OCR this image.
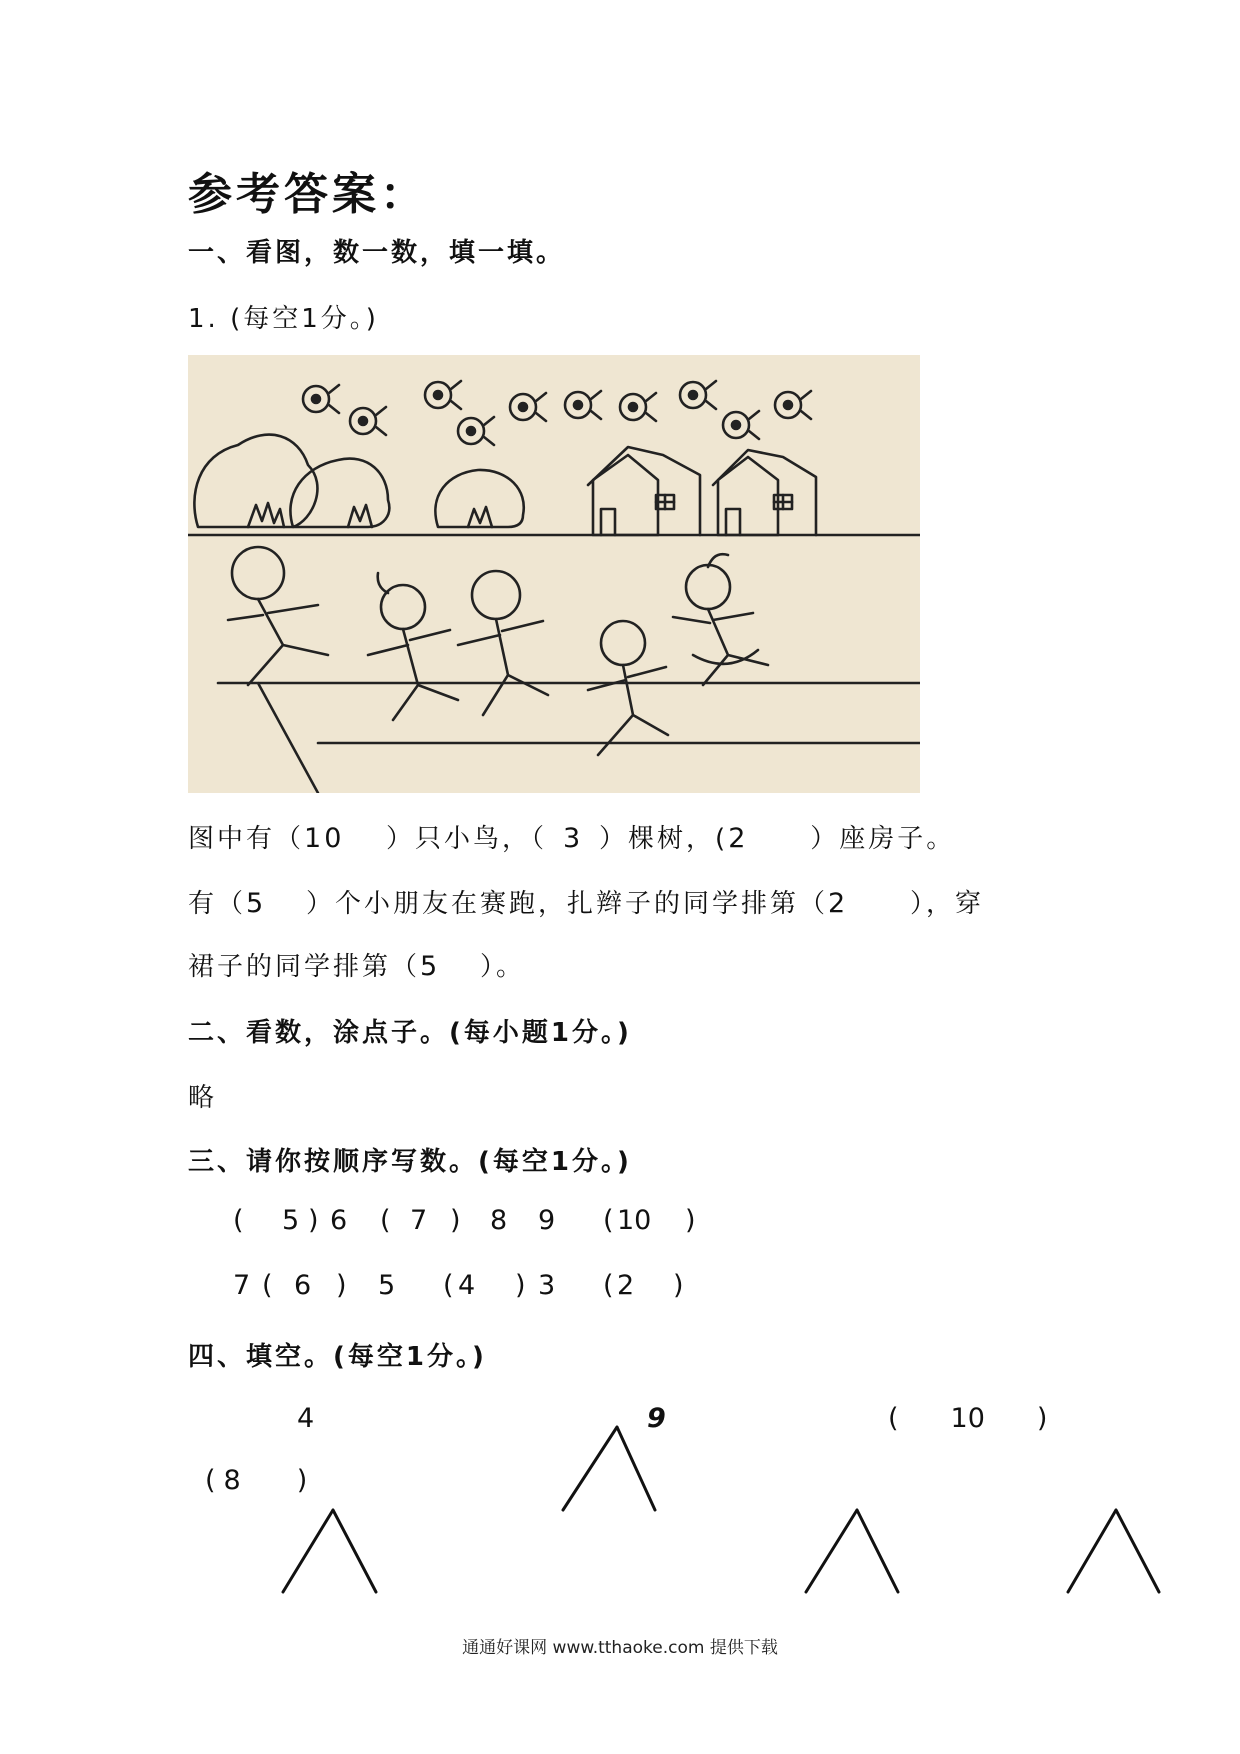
参考答案：
一、看图，数一数，填一填。
1. (每空1分。)
图中有（10 ）只小鸟，（ 3 ）棵树，(2 ）座房子。
有（5 ）个小朋友在赛跑，扎辫子的同学排第（2 ），穿
裙子的同学排第（5 ）。
二、看数，涂点子。(每小题1分。)
略
三、请你按顺序写数。(每空1分。)
( 5 ) 6 ( 7 ) 8 9 ( 10 )
7 ( 6 ) 5 ( 4 ) 3 ( 2 )
四、填空。(每空1分。)
4
( 8 )
9	( 10 )
通通好课网 www.tthaoke.com 提供下载
